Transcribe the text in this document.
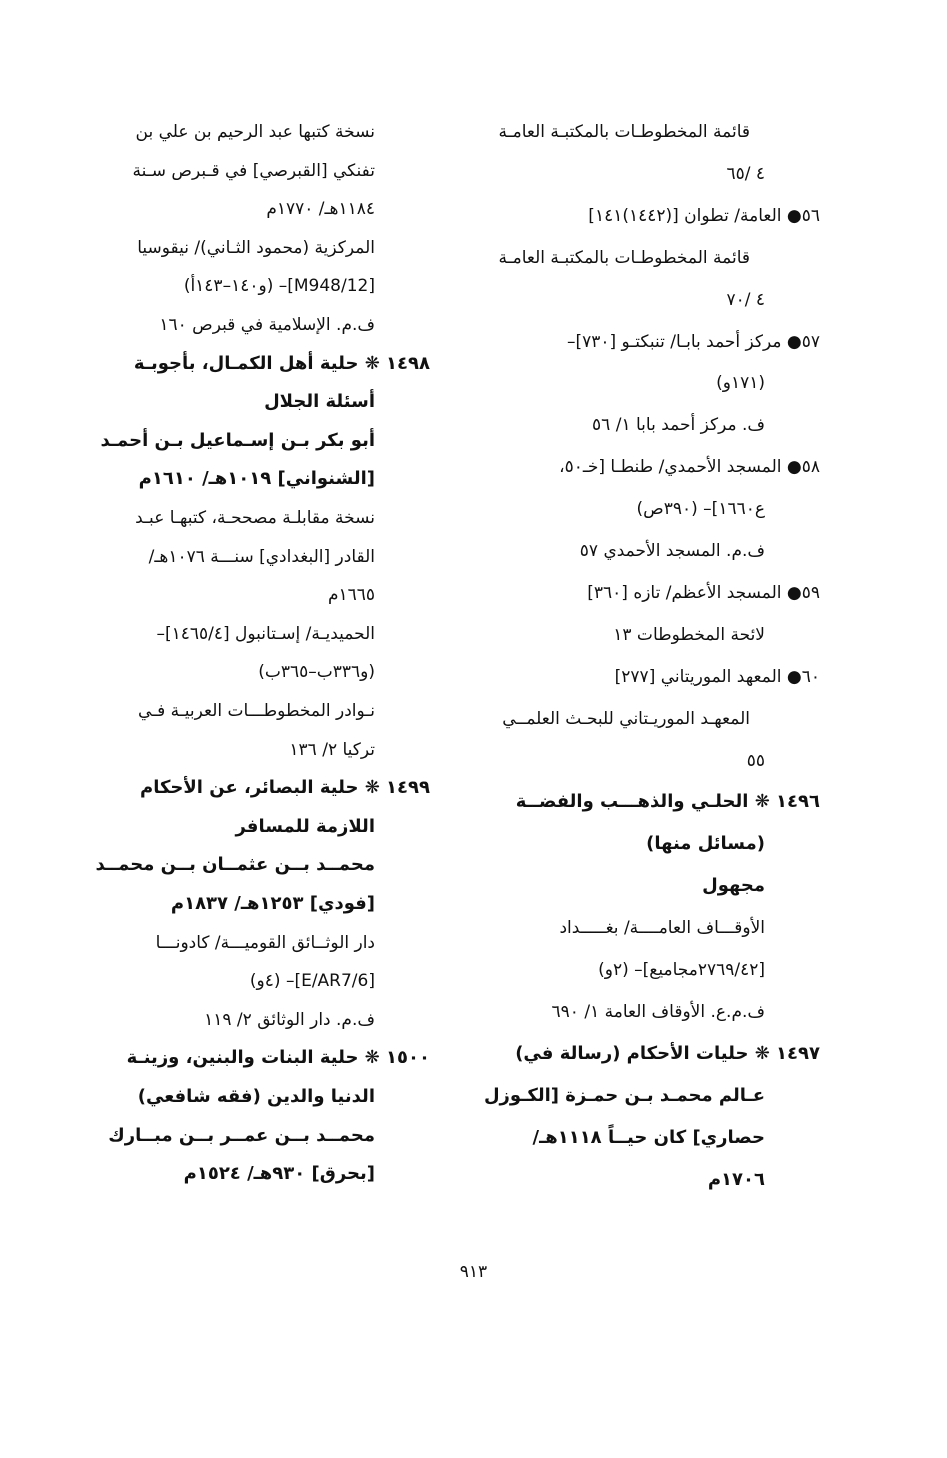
قائمة المخطوطـات بالمكتبـة العامـة
٤ /٦٥
٥٦● العامة/ تطوان [(١٤٤٢)١٤١]
قائمة المخطوطـات بالمكتبـة العامـة
٤ /٧٠
٥٧● مركز أحمد بابـا/ تنبكتـو [٧٣٠]–
(١٧١و)
ف. مركز أحمد بابا ١/ ٥٦
٥٨● المسجد الأحمدي/ طنطـا [خـ٥٠،
ع١٦٦٠]– (٣٩٠ص)
ف.م. المسجد الأحمدي ٥٧
٥٩● المسجد الأعظم/ تازه [٣٦٠]
لائحة المخطوطات ١٣
٦٠● المعهد الموريتاني [٢٧٧]
المعهـد الموريـتاني للبحـث العلمــي
٥٥
١٤٩٦ ❋ الحلـي والذهـــب والفضــة
(مسائل منها)
مجهول
الأوقـــاف العامــــة/ بغـــــداد
[٢٧٦٩/٤٢مجاميع]– (٢و)
ف.م.ع. الأوقاف العامة ١/ ٦٩٠
١٤٩٧ ❋ حليات الأحكام (رسالة في)
عـالم محمـد بـن حمـزة [الكـوزل
حصاري] كان حيــاً ١١١٨هـ/
١٧٠٦م
نسخة كتبها عبد الرحيم بن علي بن
تفنكي [القبرصي] في قـبرص سـنة
١١٨٤هـ/ ١٧٧٠م
المركزية (محمود الثـاني)/ نيقوسيا
[M948/12]– (و١٤٠–١٤٣أ)
ف.م. الإسلامية في قبرص ١٦٠
١٤٩٨ ❋ حلية أهل الكمـال، بأجوبـة
أسئلة الجلال
أبو بكر بـن إسـماعيل بـن أحمـد
[الشنواني] ١٠١٩هـ/ ١٦١٠م
نسخة مقابلـة مصححـة، كتبهـا عبـد
القادر [البغدادي] سنـــة ١٠٧٦هـ/
١٦٦٥م
الحميديـة/ إسـتانبول [١٤٦٥/٤]–
(و٣٣٦ب–٣٦٥ب)
نـوادر المخطوطـــات العربيـة فـي
تركيا ٢/ ١٣٦
١٤٩٩ ❋ حلية البصائر، عن الأحكام
اللازمة للمسافر
محمــد بــن عثمــان بــن محمــد
[فودي] ١٢٥٣هـ/ ١٨٣٧م
دار الوثــائق القوميـــة/ كادونـــا
[E/AR7/6]– (٤و)
ف.م. دار الوثائق ٢/ ١١٩
١٥٠٠ ❋ حلية البنات والبنين، وزينـة
الدنيا والدين (فقه شافعي)
محمــد بــن عمــر بــن مبــارك
[بحرق] ٩٣٠هـ/ ١٥٢٤م
٩١٣
